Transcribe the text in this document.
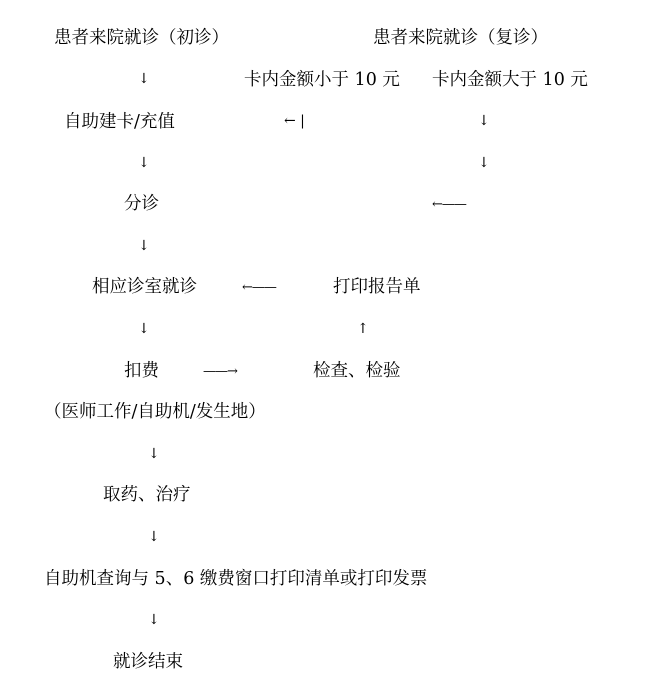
患者来院就诊（初诊）	患者来院就诊（复诊）
卡内金额小于 10 元 卡内金额大于 10 元
自助建卡/充值
分诊
相应诊室就诊	打印报告单
扣费	检查、检验
（医师工作/自助机/发生地）
取药、治疗
自助机查询与 5、6 缴费窗口打印清单或打印发票
就诊结束
↓
↓
↓
↓
↓
↓
↓
↓
↓
↑
← |
←——
←——
——→
